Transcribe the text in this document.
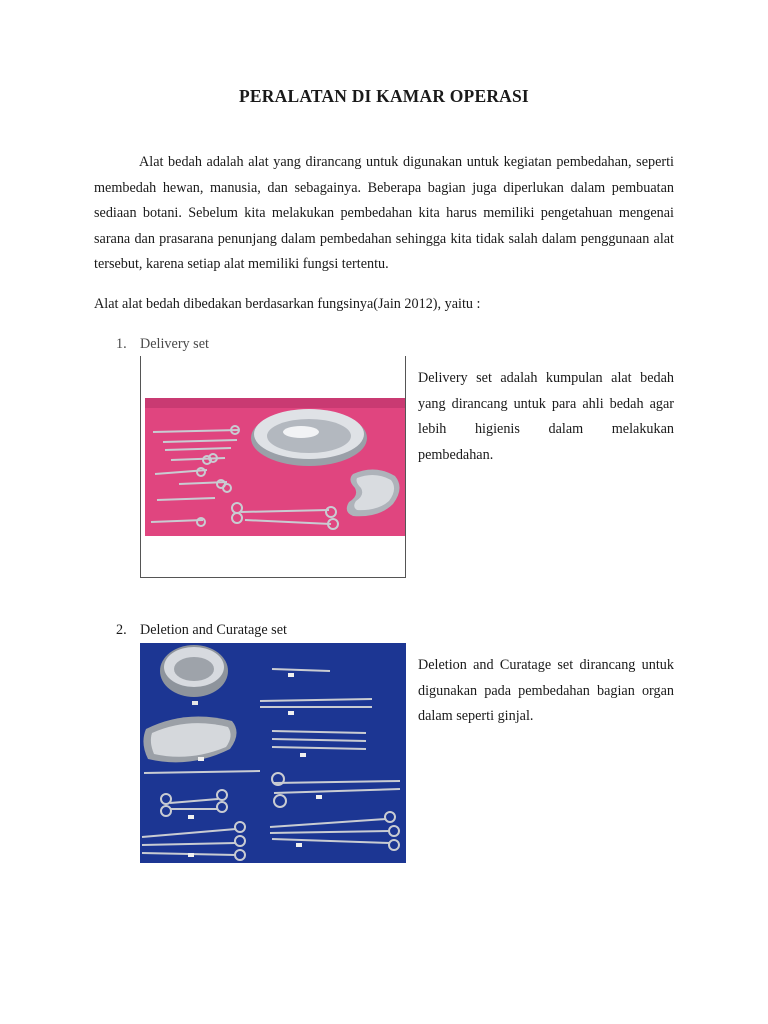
PERALATAN DI KAMAR OPERASI

Alat bedah adalah alat yang dirancang untuk digunakan untuk kegiatan pembedahan, seperti membedah hewan, manusia, dan sebagainya. Beberapa bagian juga diperlukan dalam pembuatan sediaan botani. Sebelum kita melakukan pembedahan kita harus memiliki pengetahuan mengenai sarana dan prasarana penunjang dalam pembedahan sehingga kita tidak salah dalam penggunaan alat tersebut, karena setiap alat memiliki fungsi tertentu.

Alat alat bedah dibedakan berdasarkan fungsinya(Jain 2012), yaitu :

1. Delivery set

Delivery set adalah kumpulan alat bedah yang dirancang untuk para ahli bedah agar lebih higienis dalam melakukan pembedahan.

2. Deletion and Curatage set

Deletion and Curatage set dirancang untuk digunakan pada pembedahan bagian organ dalam seperti ginjal.
